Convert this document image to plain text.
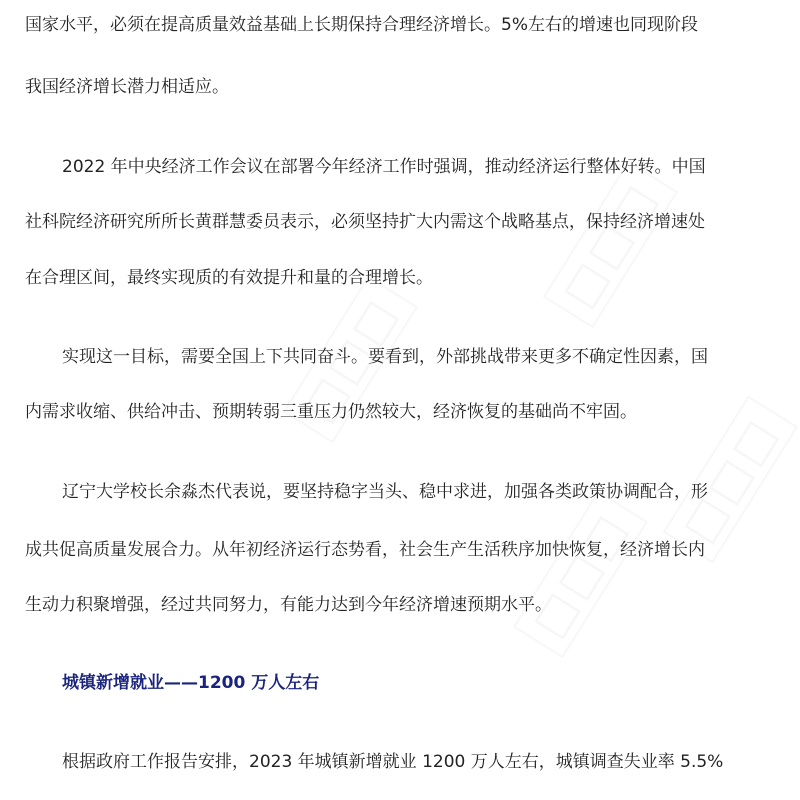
国家水平，必须在提高质量效益基础上长期保持合理经济增长。5%左右的增速也同现阶段

我国经济增长潜力相适应。

2022 年中央经济工作会议在部署今年经济工作时强调，推动经济运行整体好转。中国

社科院经济研究所所长黄群慧委员表示，必须坚持扩大内需这个战略基点，保持经济增速处

在合理区间，最终实现质的有效提升和量的合理增长。

实现这一目标，需要全国上下共同奋斗。要看到，外部挑战带来更多不确定性因素，国

内需求收缩、供给冲击、预期转弱三重压力仍然较大，经济恢复的基础尚不牢固。

辽宁大学校长余淼杰代表说，要坚持稳字当头、稳中求进，加强各类政策协调配合，形

成共促高质量发展合力。从年初经济运行态势看，社会生产生活秩序加快恢复，经济增长内

生动力积聚增强，经过共同努力，有能力达到今年经济增速预期水平。

城镇新增就业——1200 万人左右

根据政府工作报告安排，2023 年城镇新增就业 1200 万人左右，城镇调查失业率 5.5%

□□□
□□□
□□□
□□□
